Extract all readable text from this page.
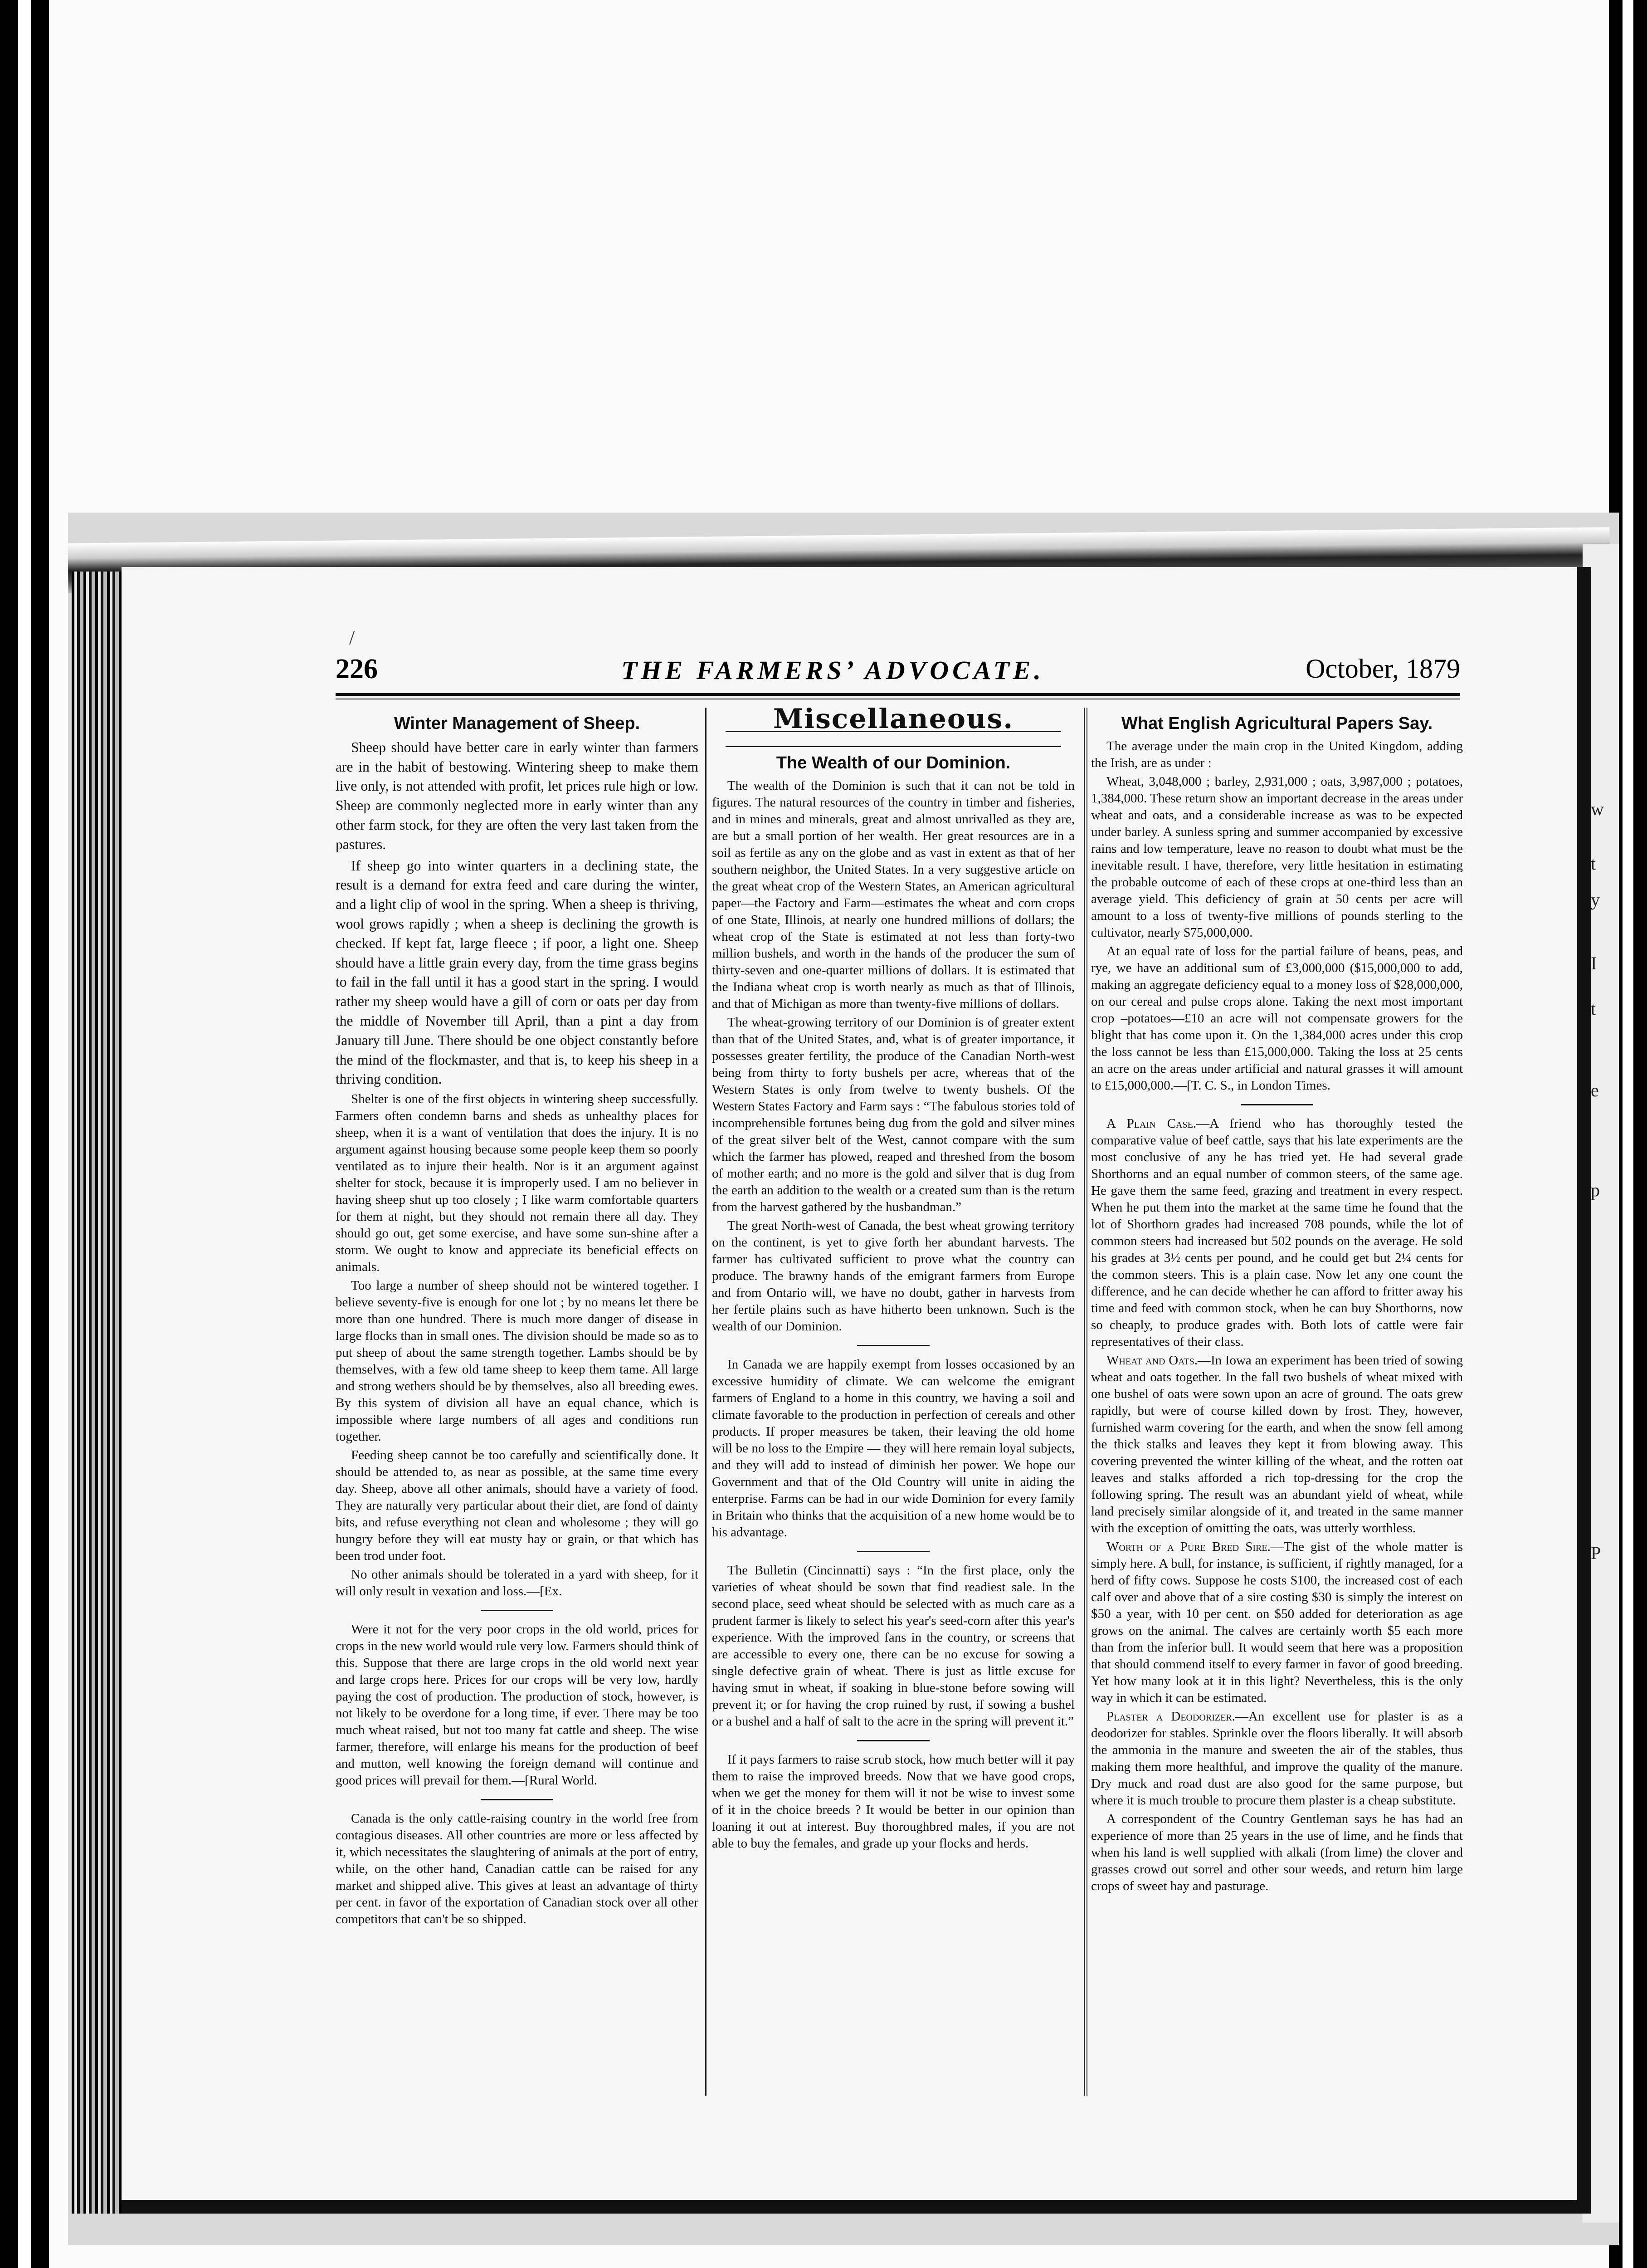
w
t
y
I
t
e
p
P
/
226	THE FARMERS’ ADVOCATE.	October, 1879
Winter Management of Sheep.

Sheep should have better care in early winter than farmers are in the habit of bestowing. Wintering sheep to make them live only, is not attended with profit, let prices rule high or low. Sheep are commonly neglected more in early winter than any other farm stock, for they are often the very last taken from the pastures.

If sheep go into winter quarters in a declining state, the result is a demand for extra feed and care during the winter, and a light clip of wool in the spring. When a sheep is thriving, wool grows rapidly ; when a sheep is declining the growth is checked. If kept fat, large fleece ; if poor, a light one. Sheep should have a little grain every day, from the time grass begins to fail in the fall until it has a good start in the spring. I would rather my sheep would have a gill of corn or oats per day from the middle of November till April, than a pint a day from January till June. There should be one object constantly before the mind of the flockmaster, and that is, to keep his sheep in a thriving condition.

Shelter is one of the first objects in wintering sheep successfully. Farmers often condemn barns and sheds as unhealthy places for sheep, when it is a want of ventilation that does the injury. It is no argument against housing because some people keep them so poorly ventilated as to injure their health. Nor is it an argument against shelter for stock, because it is improperly used. I am no believer in having sheep shut up too closely ; I like warm comfortable quarters for them at night, but they should not remain there all day. They should go out, get some exercise, and have some sun-shine after a storm. We ought to know and appreciate its beneficial effects on animals.

Too large a number of sheep should not be wintered together. I believe seventy-five is enough for one lot ; by no means let there be more than one hundred. There is much more danger of disease in large flocks than in small ones. The division should be made so as to put sheep of about the same strength together. Lambs should be by themselves, with a few old tame sheep to keep them tame. All large and strong wethers should be by themselves, also all breeding ewes. By this system of division all have an equal chance, which is impossible where large numbers of all ages and conditions run together.

Feeding sheep cannot be too carefully and scientifically done. It should be attended to, as near as possible, at the same time every day. Sheep, above all other animals, should have a variety of food. They are naturally very particular about their diet, are fond of dainty bits, and refuse everything not clean and wholesome ; they will go hungry before they will eat musty hay or grain, or that which has been trod under foot.

No other animals should be tolerated in a yard with sheep, for it will only result in vexation and loss.—[Ex.

Were it not for the very poor crops in the old world, prices for crops in the new world would rule very low. Farmers should think of this. Suppose that there are large crops in the old world next year and large crops here. Prices for our crops will be very low, hardly paying the cost of production. The production of stock, however, is not likely to be overdone for a long time, if ever. There may be too much wheat raised, but not too many fat cattle and sheep. The wise farmer, therefore, will enlarge his means for the production of beef and mutton, well knowing the foreign demand will continue and good prices will prevail for them.—[Rural World.

Canada is the only cattle-raising country in the world free from contagious diseases. All other countries are more or less affected by it, which necessitates the slaughtering of animals at the port of entry, while, on the other hand, Canadian cattle can be raised for any market and shipped alive. This gives at least an advantage of thirty per cent. in favor of the exportation of Canadian stock over all other competitors that can't be so shipped.

Miscellaneous.
The Wealth of our Dominion.

The wealth of the Dominion is such that it can not be told in figures. The natural resources of the country in timber and fisheries, and in mines and minerals, great and almost unrivalled as they are, are but a small portion of her wealth. Her great resources are in a soil as fertile as any on the globe and as vast in extent as that of her southern neighbor, the United States. In a very suggestive article on the great wheat crop of the Western States, an American agricultural paper—the Factory and Farm—estimates the wheat and corn crops of one State, Illinois, at nearly one hundred millions of dollars; the wheat crop of the State is estimated at not less than forty-two million bushels, and worth in the hands of the producer the sum of thirty-seven and one-quarter millions of dollars. It is estimated that the Indiana wheat crop is worth nearly as much as that of Illinois, and that of Michigan as more than twenty-five millions of dollars.

The wheat-growing territory of our Dominion is of greater extent than that of the United States, and, what is of greater importance, it possesses greater fertility, the produce of the Canadian North-west being from thirty to forty bushels per acre, whereas that of the Western States is only from twelve to twenty bushels. Of the Western States Factory and Farm says : “The fabulous stories told of incomprehensible fortunes being dug from the gold and silver mines of the great silver belt of the West, cannot compare with the sum which the farmer has plowed, reaped and threshed from the bosom of mother earth; and no more is the gold and silver that is dug from the earth an addition to the wealth or a created sum than is the return from the harvest gathered by the husbandman.”

The great North-west of Canada, the best wheat growing territory on the continent, is yet to give forth her abundant harvests. The farmer has cultivated sufficient to prove what the country can produce. The brawny hands of the emigrant farmers from Europe and from Ontario will, we have no doubt, gather in harvests from her fertile plains such as have hitherto been unknown. Such is the wealth of our Dominion.

In Canada we are happily exempt from losses occasioned by an excessive humidity of climate. We can welcome the emigrant farmers of England to a home in this country, we having a soil and climate favorable to the production in perfection of cereals and other products. If proper measures be taken, their leaving the old home will be no loss to the Empire — they will here remain loyal subjects, and they will add to instead of diminish her power. We hope our Government and that of the Old Country will unite in aiding the enterprise. Farms can be had in our wide Dominion for every family in Britain who thinks that the acquisition of a new home would be to his advantage.

The Bulletin (Cincinnatti) says : “In the first place, only the varieties of wheat should be sown that find readiest sale. In the second place, seed wheat should be selected with as much care as a prudent farmer is likely to select his year's seed-corn after this year's experience. With the improved fans in the country, or screens that are accessible to every one, there can be no excuse for sowing a single defective grain of wheat. There is just as little excuse for having smut in wheat, if soaking in blue-stone before sowing will prevent it; or for having the crop ruined by rust, if sowing a bushel or a bushel and a half of salt to the acre in the spring will prevent it.”

If it pays farmers to raise scrub stock, how much better will it pay them to raise the improved breeds. Now that we have good crops, when we get the money for them will it not be wise to invest some of it in the choice breeds ? It would be better in our opinion than loaning it out at interest. Buy thoroughbred males, if you are not able to buy the females, and grade up your flocks and herds.

What English Agricultural Papers Say.

The average under the main crop in the United Kingdom, adding the Irish, are as under :

Wheat, 3,048,000 ; barley, 2,931,000 ; oats, 3,987,000 ; potatoes, 1,384,000. These return show an important decrease in the areas under wheat and oats, and a considerable increase as was to be expected under barley. A sunless spring and summer accompanied by excessive rains and low temperature, leave no reason to doubt what must be the inevitable result. I have, therefore, very little hesitation in estimating the probable outcome of each of these crops at one-third less than an average yield. This deficiency of grain at 50 cents per acre will amount to a loss of twenty-five millions of pounds sterling to the cultivator, nearly $75,000,000.

At an equal rate of loss for the partial failure of beans, peas, and rye, we have an additional sum of £3,000,000 ($15,000,000 to add, making an aggregate deficiency equal to a money loss of $28,000,000, on our cereal and pulse crops alone. Taking the next most important crop –potatoes—£10 an acre will not compensate growers for the blight that has come upon it. On the 1,384,000 acres under this crop the loss cannot be less than £15,000,000. Taking the loss at 25 cents an acre on the areas under artificial and natural grasses it will amount to £15,000,000.—[T. C. S., in London Times.

A Plain Case.—A friend who has thoroughly tested the comparative value of beef cattle, says that his late experiments are the most conclusive of any he has tried yet. He had several grade Shorthorns and an equal number of common steers, of the same age. He gave them the same feed, grazing and treatment in every respect. When he put them into the market at the same time he found that the lot of Shorthorn grades had increased 708 pounds, while the lot of common steers had increased but 502 pounds on the average. He sold his grades at 3½ cents per pound, and he could get but 2¼ cents for the common steers. This is a plain case. Now let any one count the difference, and he can decide whether he can afford to fritter away his time and feed with common stock, when he can buy Shorthorns, now so cheaply, to produce grades with. Both lots of cattle were fair representatives of their class.

Wheat and Oats.—In Iowa an experiment has been tried of sowing wheat and oats together. In the fall two bushels of wheat mixed with one bushel of oats were sown upon an acre of ground. The oats grew rapidly, but were of course killed down by frost. They, however, furnished warm covering for the earth, and when the snow fell among the thick stalks and leaves they kept it from blowing away. This covering prevented the winter killing of the wheat, and the rotten oat leaves and stalks afforded a rich top-dressing for the crop the following spring. The result was an abundant yield of wheat, while land precisely similar alongside of it, and treated in the same manner with the exception of omitting the oats, was utterly worthless.

Worth of a Pure Bred Sire.—The gist of the whole matter is simply here. A bull, for instance, is sufficient, if rightly managed, for a herd of fifty cows. Suppose he costs $100, the increased cost of each calf over and above that of a sire costing $30 is simply the interest on $50 a year, with 10 per cent. on $50 added for deterioration as age grows on the animal. The calves are certainly worth $5 each more than from the inferior bull. It would seem that here was a proposition that should commend itself to every farmer in favor of good breeding. Yet how many look at it in this light? Nevertheless, this is the only way in which it can be estimated.

Plaster a Deodorizer.—An excellent use for plaster is as a deodorizer for stables. Sprinkle over the floors liberally. It will absorb the ammonia in the manure and sweeten the air of the stables, thus making them more healthful, and improve the quality of the manure. Dry muck and road dust are also good for the same purpose, but where it is much trouble to procure them plaster is a cheap substitute.

A correspondent of the Country Gentleman says he has had an experience of more than 25 years in the use of lime, and he finds that when his land is well supplied with alkali (from lime) the clover and grasses crowd out sorrel and other sour weeds, and return him large crops of sweet hay and pasturage.
